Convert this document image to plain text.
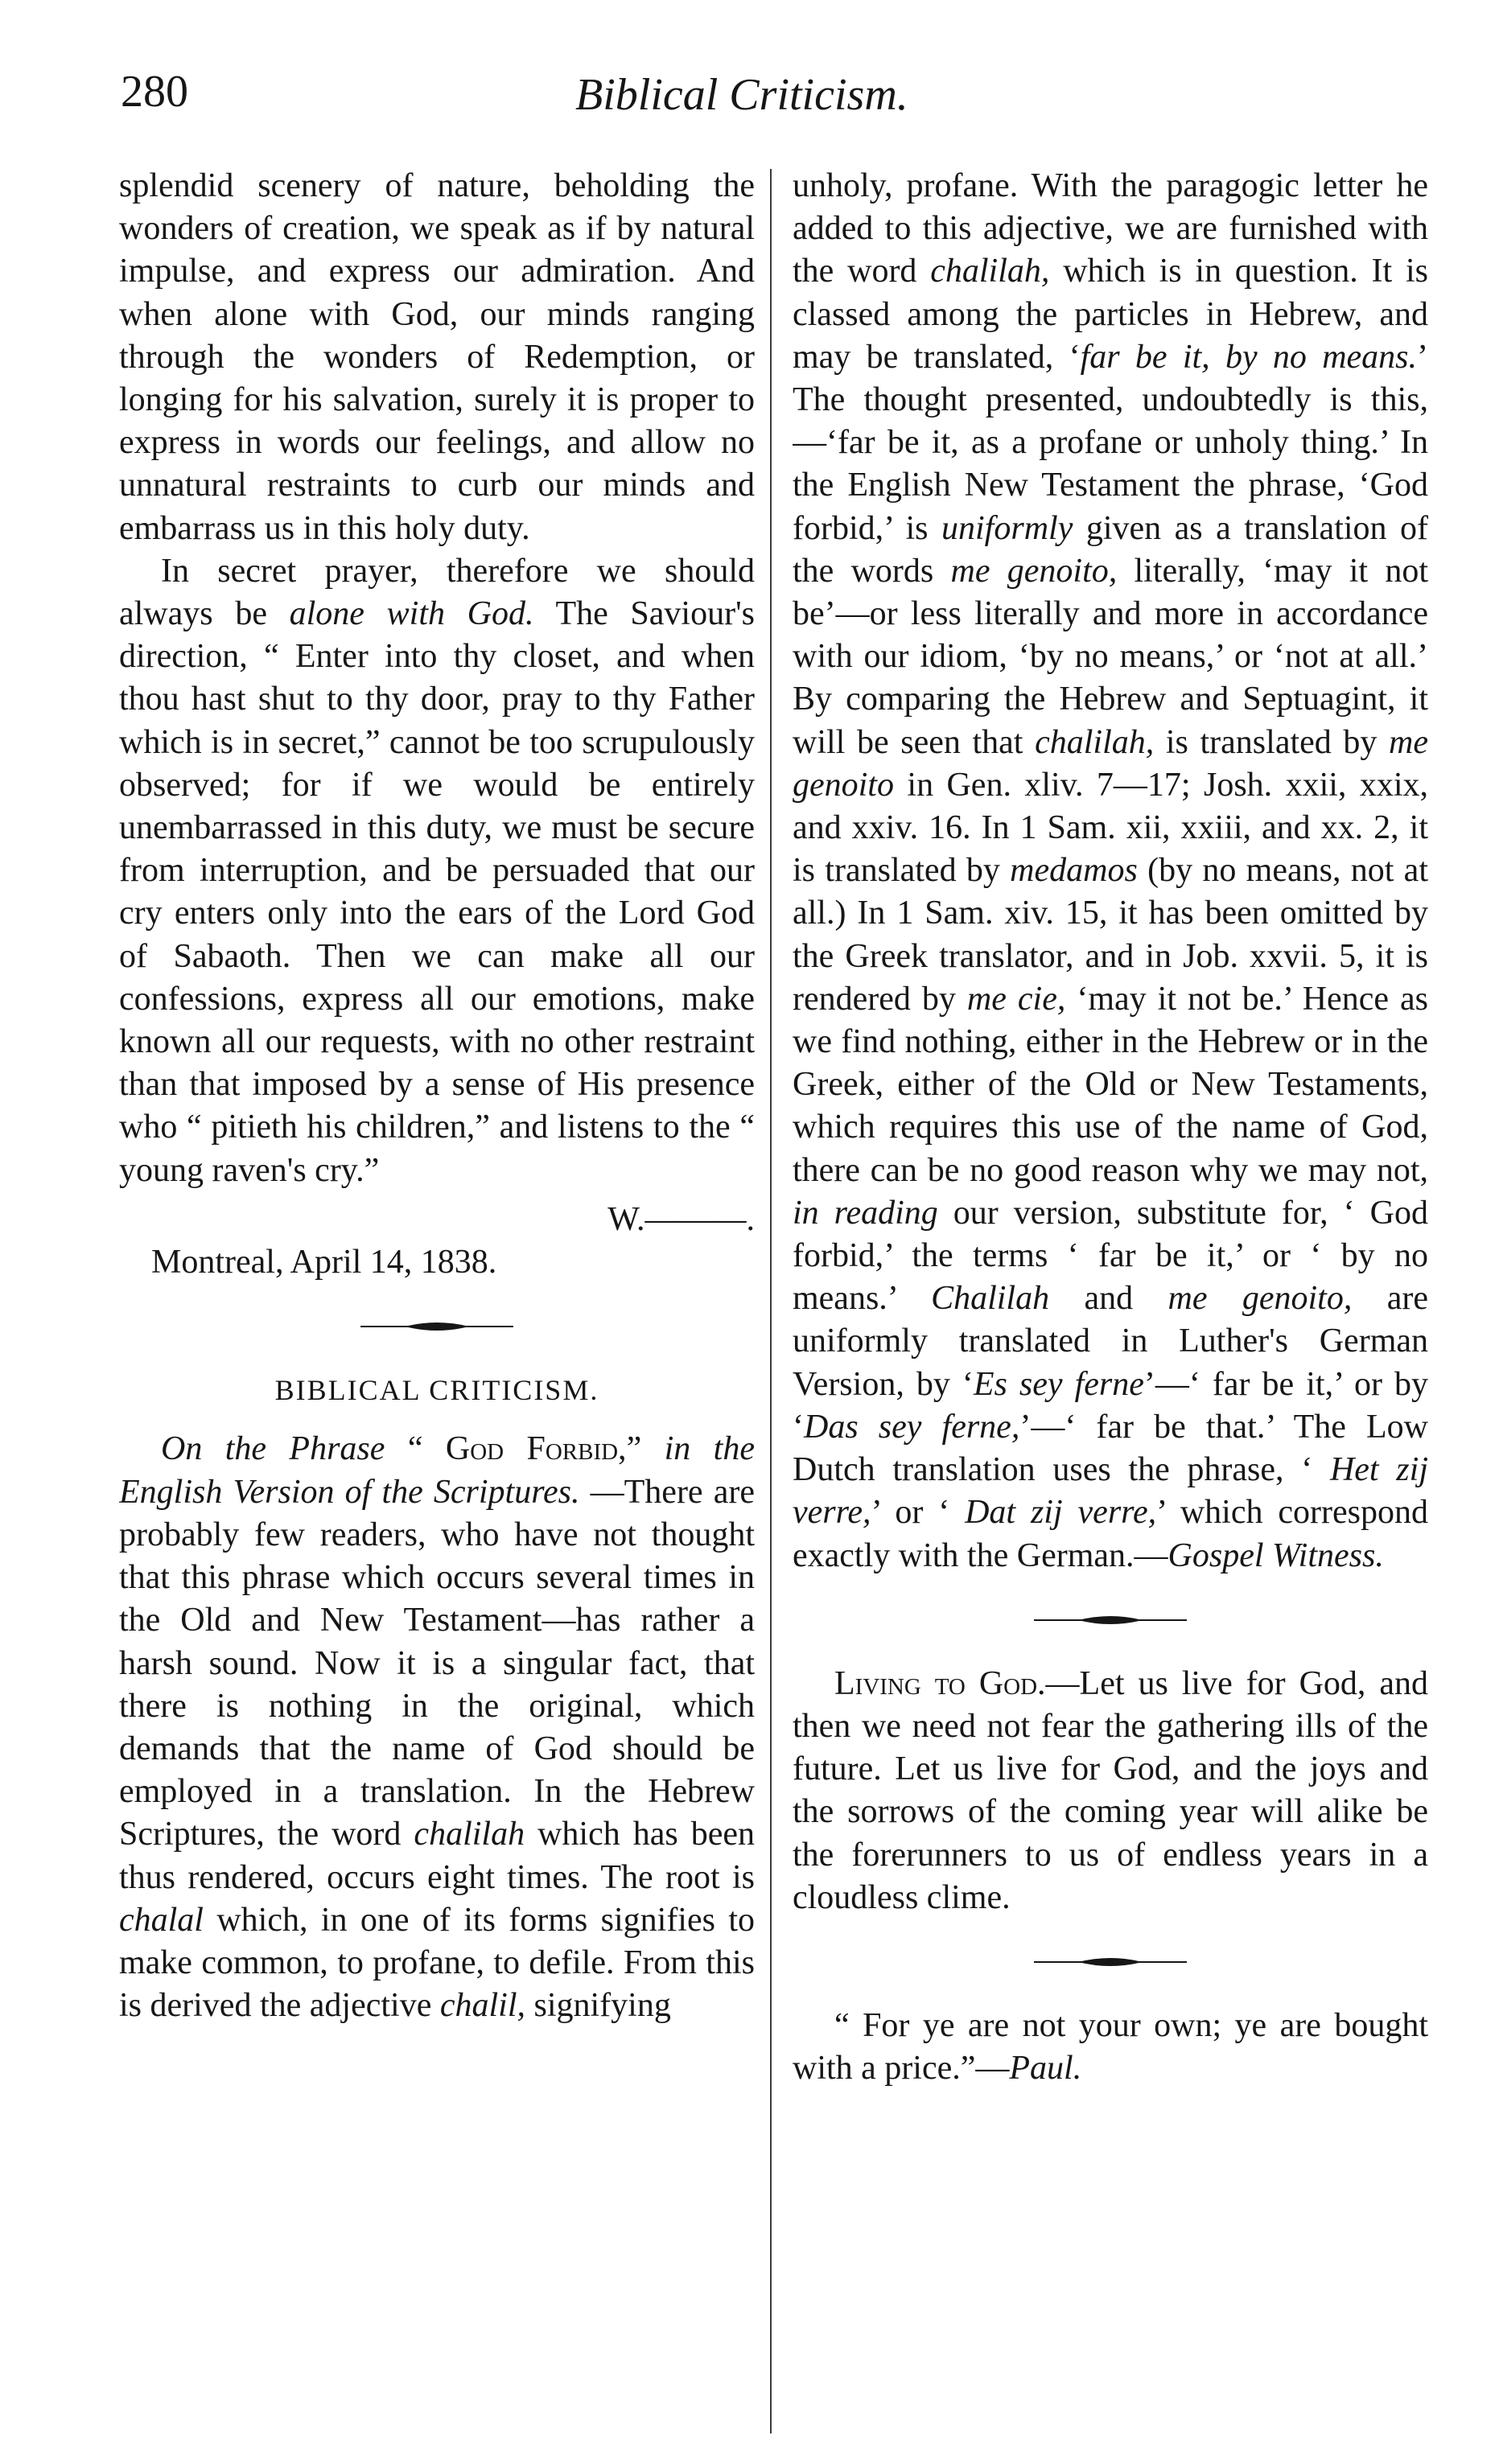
280	Biblical Criticism.

splendid scenery of nature, beholding the wonders of creation, we speak as if by natural impulse, and express our admiration. And when alone with God, our minds ranging through the wonders of Redemption, or longing for his salvation, surely it is proper to express in words our feelings, and allow no unnatural restraints to curb our minds and embarrass us in this holy duty.

In secret prayer, therefore we should always be alone with God. The Saviour's direction, “ Enter into thy closet, and when thou hast shut to thy door, pray to thy Father which is in secret,” cannot be too scrupulously observed; for if we would be entirely unembarrassed in this duty, we must be secure from interruption, and be persuaded that our cry enters only into the ears of the Lord God of Sabaoth. Then we can make all our confessions, express all our emotions, make known all our requests, with no other restraint than that imposed by a sense of His presence who “ pitieth his children,” and listens to the “ young raven's cry.”

W.———.

Montreal, April 14, 1838.

BIBLICAL CRITICISM.

On the Phrase “ God Forbid,” in the English Version of the Scriptures. —There are probably few readers, who have not thought that this phrase which occurs several times in the Old and New Testament—has rather a harsh sound. Now it is a singular fact, that there is nothing in the original, which demands that the name of God should be employed in a translation. In the Hebrew Scriptures, the word chalilah which has been thus rendered, occurs eight times. The root is chalal which, in one of its forms signifies to make common, to profane, to defile. From this is derived the adjective chalil, signifying

unholy, profane. With the paragogic letter he added to this adjective, we are furnished with the word chalilah, which is in question. It is classed among the particles in Hebrew, and may be translated, ‘far be it, by no means.’ The thought presented, undoubtedly is this,—‘far be it, as a profane or unholy thing.’ In the English New Testament the phrase, ‘God forbid,’ is uniformly given as a translation of the words me genoito, literally, ‘may it not be’—or less literally and more in accordance with our idiom, ‘by no means,’ or ‘not at all.’ By comparing the Hebrew and Septuagint, it will be seen that chalilah, is translated by me genoito in Gen. xliv. 7—17; Josh. xxii, xxix, and xxiv. 16. In 1 Sam. xii, xxiii, and xx. 2, it is translated by medamos (by no means, not at all.) In 1 Sam. xiv. 15, it has been omitted by the Greek translator, and in Job. xxvii. 5, it is rendered by me cie, ‘may it not be.’ Hence as we find nothing, either in the Hebrew or in the Greek, either of the Old or New Testaments, which requires this use of the name of God, there can be no good reason why we may not, in reading our version, substitute for, ‘ God forbid,’ the terms ‘ far be it,’ or ‘ by no means.’ Chalilah and me genoito, are uniformly translated in Luther's German Version, by ‘Es sey ferne’—‘ far be it,’ or by ‘Das sey ferne,’—‘ far be that.’ The Low Dutch translation uses the phrase, ‘ Het zij verre,’ or ‘ Dat zij verre,’ which correspond exactly with the German.—Gospel Witness.

Living to God.—Let us live for God, and then we need not fear the gathering ills of the future. Let us live for God, and the joys and the sorrows of the coming year will alike be the forerunners to us of endless years in a cloudless clime.

“ For ye are not your own; ye are bought with a price.”—Paul.
